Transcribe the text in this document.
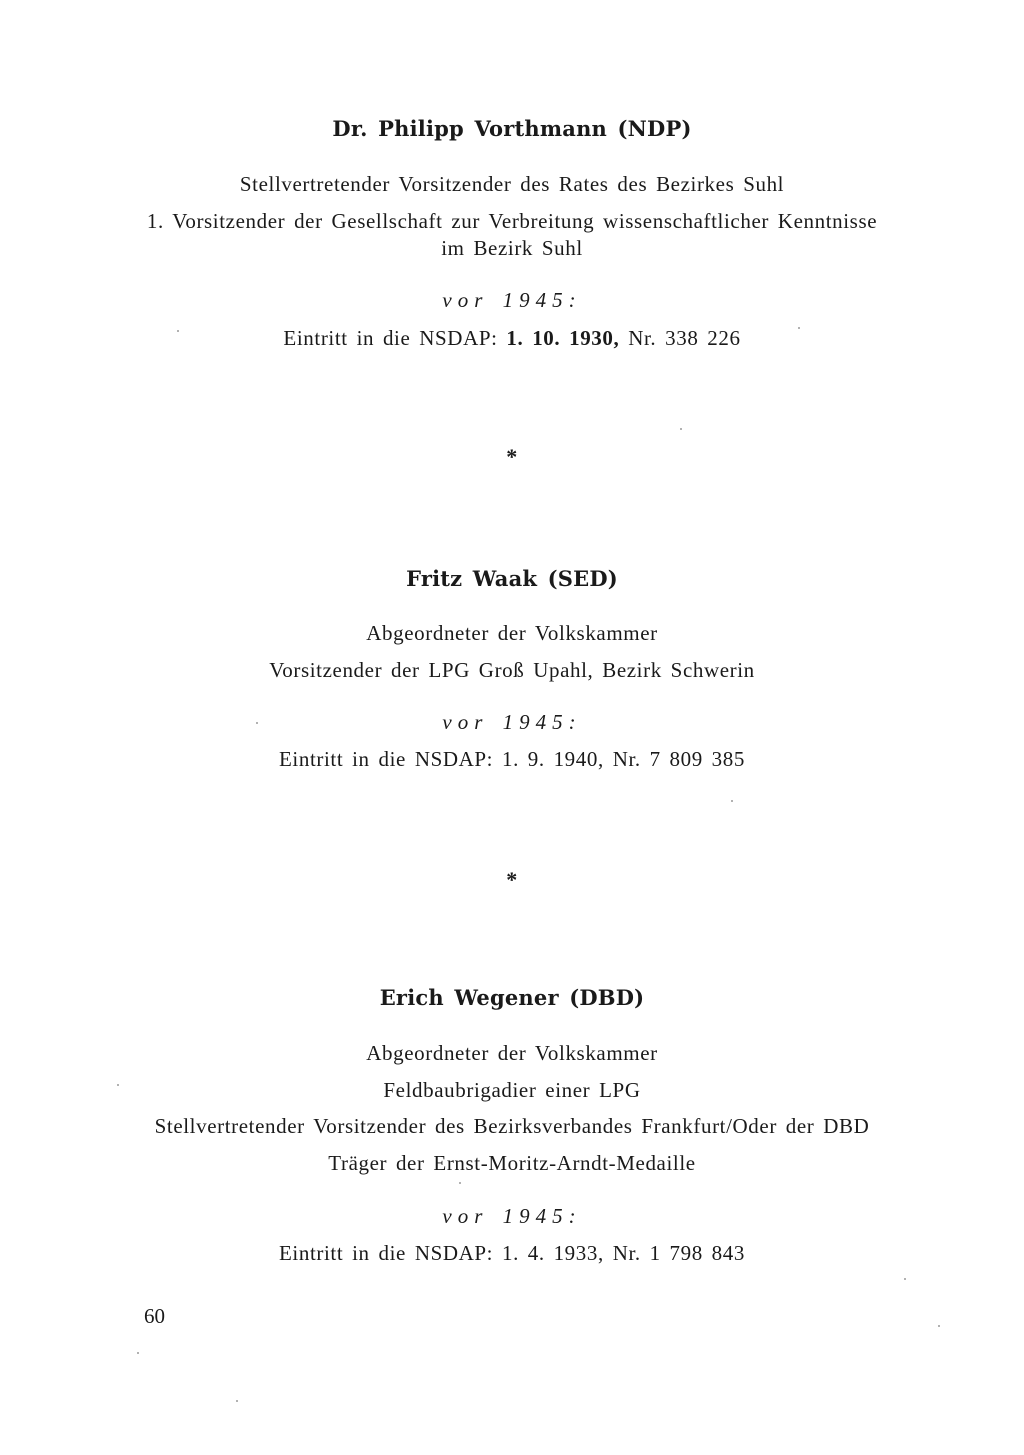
Dr. Philipp Vorthmann (NDP)
Stellvertretender Vorsitzender des Rates des Bezirkes Suhl
1. Vorsitzender der Gesellschaft zur Verbreitung wissenschaftlicher Kenntnisse
im Bezirk Suhl
vor 1945:
Eintritt in die NSDAP: 1. 10. 1930, Nr. 338 226
*
Fritz Waak (SED)
Abgeordneter der Volkskammer
Vorsitzender der LPG Groß Upahl, Bezirk Schwerin
vor 1945:
Eintritt in die NSDAP: 1. 9. 1940, Nr. 7 809 385
*
Erich Wegener (DBD)
Abgeordneter der Volkskammer
Feldbaubrigadier einer LPG
Stellvertretender Vorsitzender des Bezirksverbandes Frankfurt/Oder der DBD
Träger der Ernst-Moritz-Arndt-Medaille
vor 1945:
Eintritt in die NSDAP: 1. 4. 1933, Nr. 1 798 843
60
